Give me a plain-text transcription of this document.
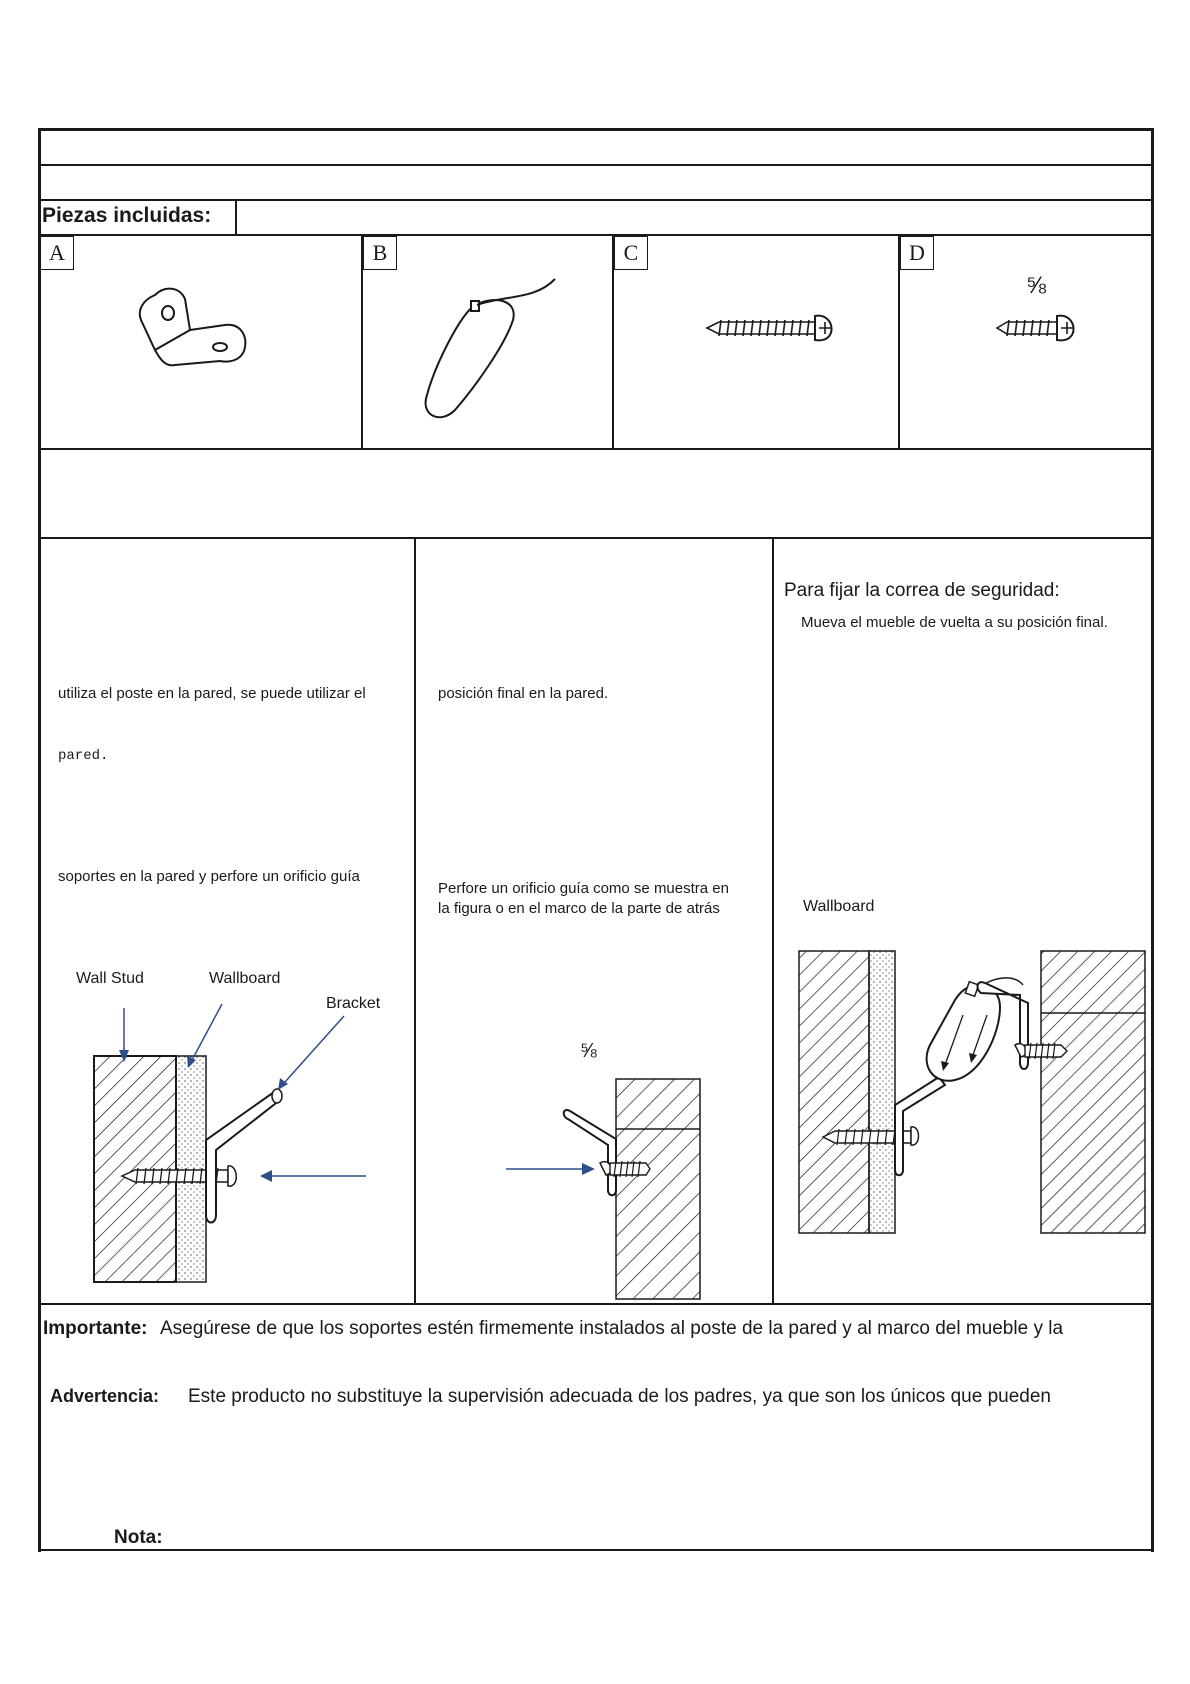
Piezas incluidas:
A	B	C	D
⅝
utiliza el poste en la pared, se puede utilizar el
pared.
soportes en la pared y perfore un orificio guía
Wall Stud	Wallboard
Bracket
posición final en la pared.
Perfore un orificio guía como se muestra en
la figura o en el marco de la parte de atrás
⅝
Para fijar la correa de seguridad:
Mueva el mueble de vuelta a su posición final.
Wallboard
Importante: Asegúrese de que los soportes estén firmemente instalados al poste de la pared y al marco del mueble y la
Advertencia: Este producto no substituye la supervisión adecuada de los padres, ya que son los únicos que pueden
Nota:
